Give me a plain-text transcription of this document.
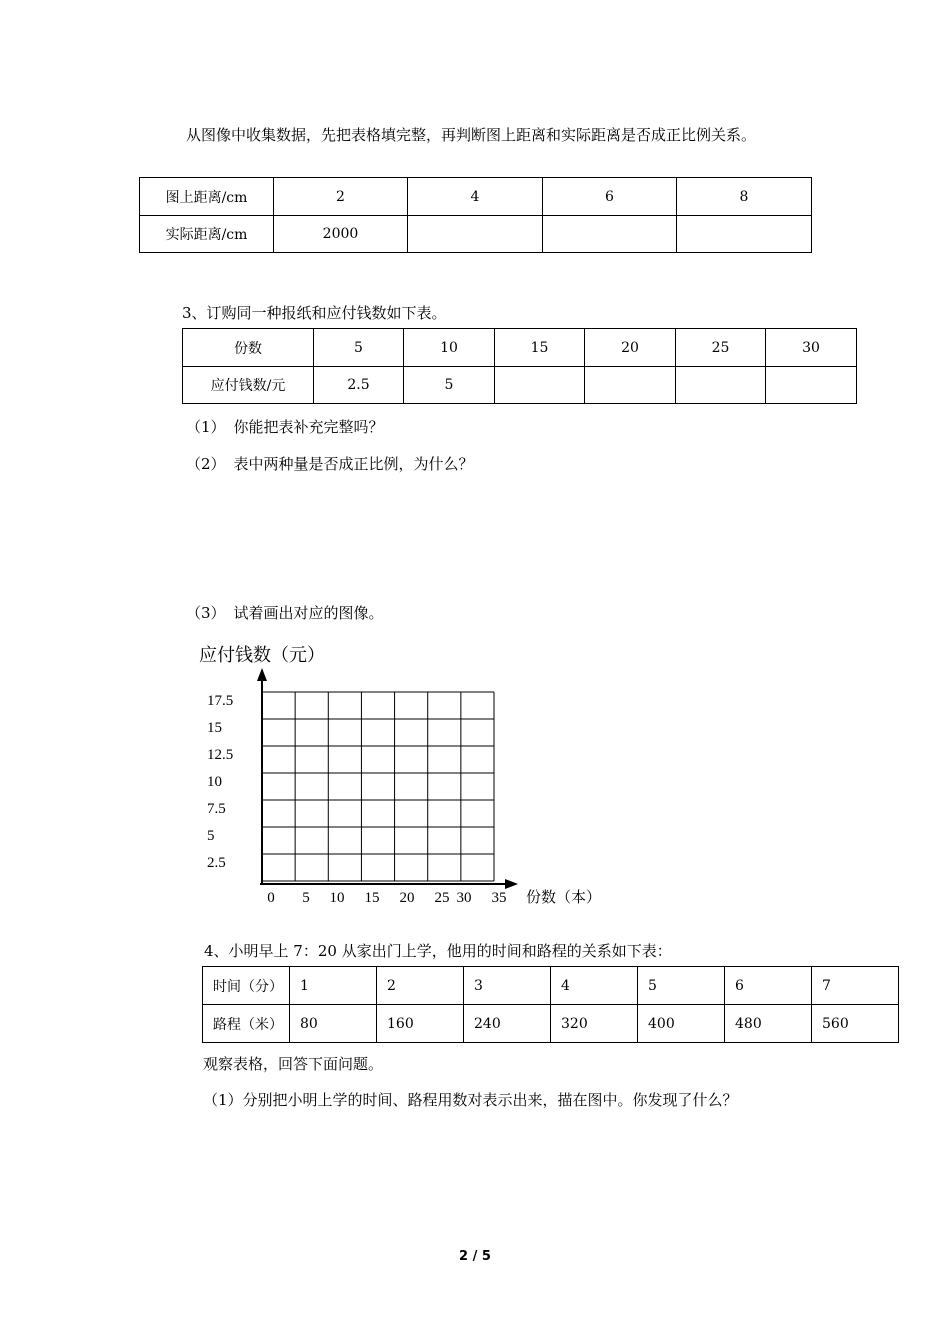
从图像中收集数据，先把表格填完整，再判断图上距离和实际距离是否成正比例关系。
图上距离/cm	2	4	6	8
实际距离/cm	2000			
3、订购同一种报纸和应付钱数如下表。
份数	5	10	15	20	25	30
应付钱数/元	2.5	5				
（1） 你能把表补充完整吗？
（2） 表中两种量是否成正比例，为什么？
（3） 试着画出对应的图像。
17.5
15
12.5
10
7.5
5
2.5
0 5 10 15 20 25 30 35
应付钱数（元）
份数（本）
4、小明早上 7：20 从家出门上学，他用的时间和路程的关系如下表：
时间（分）	1	2	3	4	5	6	7
路程（米）	80	160	240	320	400	480	560
观察表格，回答下面问题。
（1）分别把小明上学的时间、路程用数对表示出来，描在图中。你发现了什么？
2 / 5
